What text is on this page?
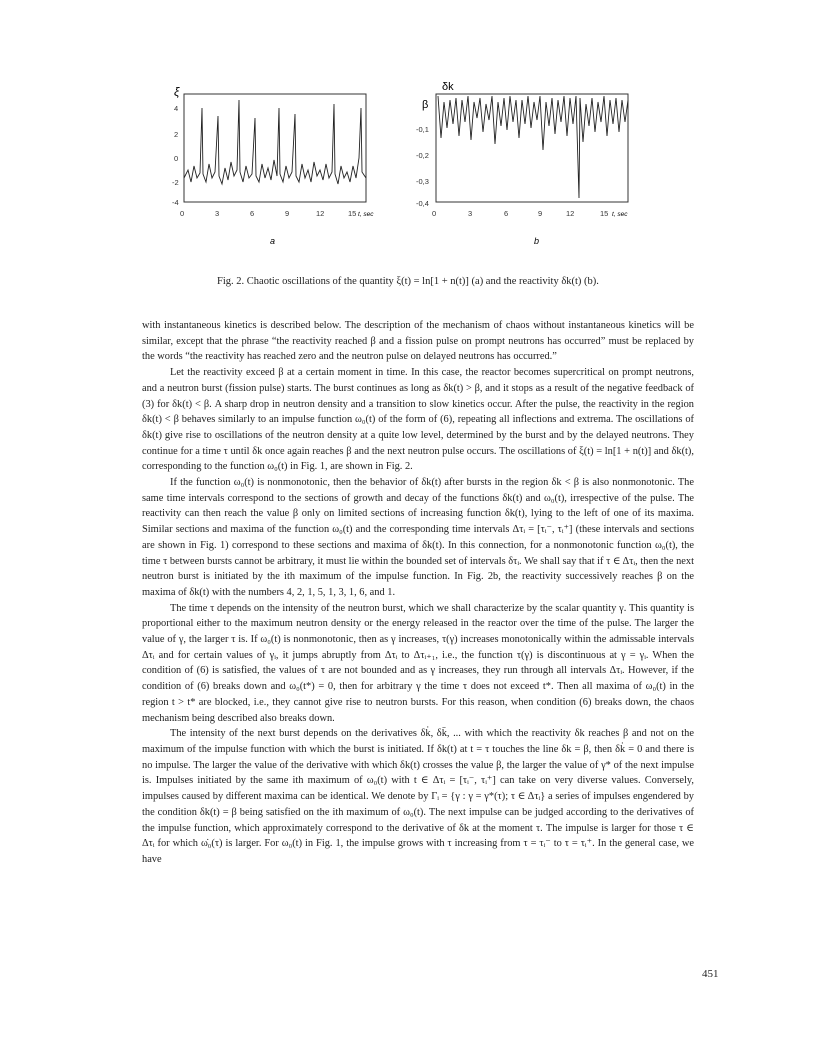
ξ
4
2
0
-2
-4
0	3	6	9	12	15 t, sec
a
δk
β
-0,1
-0,2
-0,3
-0,4
0	3	6	9	12	15 t, sec
b
Fig. 2. Chaotic oscillations of the quantity ξ(t) = ln[1 + n(t)] (a) and the reactivity δk(t) (b).

with instantaneous kinetics is described below. The description of the mechanism of chaos without instantaneous kinetics will be similar, except that the phrase “the reactivity reached β and a fission pulse on prompt neutrons has occurred” must be replaced by the words “the reactivity has reached zero and the neutron pulse on delayed neutrons has occurred.”

Let the reactivity exceed β at a certain moment in time. In this case, the reactor becomes supercritical on prompt neutrons, and a neutron burst (fission pulse) starts. The burst continues as long as δk(t) > β, and it stops as a result of the negative feedback of (3) for δk(t) < β. A sharp drop in neutron density and a transition to slow kinetics occur. After the pulse, the reactivity in the region δk(t) < β behaves similarly to an impulse function ω₀(t) of the form of (6), repeating all inflections and extrema. The oscillations of δk(t) give rise to oscillations of the neutron density at a quite low level, determined by the burst and by the delayed neutrons. They continue for a time τ until δk once again reaches β and the next neutron pulse occurs. The oscillations of ξ(t) = ln[1 + n(t)] and δk(t), corresponding to the function ω₀(t) in Fig. 1, are shown in Fig. 2.

If the function ω₀(t) is nonmonotonic, then the behavior of δk(t) after bursts in the region δk < β is also nonmonotonic. The same time intervals correspond to the sections of growth and decay of the functions δk(t) and ω₀(t), irrespective of the pulse. The reactivity can then reach the value β only on limited sections of increasing function δk(t), lying to the left of one of its maxima. Similar sections and maxima of the function ω₀(t) and the corresponding time intervals Δτᵢ = [τᵢ⁻, τᵢ⁺] (these intervals and sections are shown in Fig. 1) correspond to these sections and maxima of δk(t). In this connection, for a nonmonotonic function ω₀(t), the time τ between bursts cannot be arbitrary, it must lie within the bounded set of intervals δτᵢ. We shall say that if τ ∈ Δτᵢ, then the next neutron burst is initiated by the ith maximum of the impulse function. In Fig. 2b, the reactivity successively reaches β on the maxima of δk(t) with the numbers 4, 2, 1, 5, 1, 3, 1, 6, and 1.

The time τ depends on the intensity of the neutron burst, which we shall characterize by the scalar quantity γ. This quantity is proportional either to the maximum neutron density or the energy released in the reactor over the time of the pulse. The larger the value of γ, the larger τ is. If ω₀(t) is nonmonotonic, then as γ increases, τ(γ) increases monotonically within the admissable intervals Δτᵢ and for certain values of γᵢ, it jumps abruptly from Δτᵢ to Δτᵢ₊₁, i.e., the function τ(γ) is discontinuous at γ = γᵢ. When the condition of (6) is satisfied, the values of τ are not bounded and as γ increases, they run through all intervals Δτᵢ. However, if the condition of (6) breaks down and ω₀(t*) = 0, then for arbitrary γ the time τ does not exceed t*. Then all maxima of ω₀(t) in the region t > t* are blocked, i.e., they cannot give rise to neutron bursts. For this reason, when condition (6) breaks down, the chaos mechanism being described also breaks down.

The intensity of the next burst depends on the derivatives δk̇, δk̈, ... with which the reactivity δk reaches β and not on the maximum of the impulse function with which the burst is initiated. If δk(t) at t = τ touches the line δk = β, then δk̇ = 0 and there is no impulse. The larger the value of the derivative with which δk(t) crosses the value β, the larger the value of γ* of the next impulse is. Impulses initiated by the same ith maximum of ω₀(t) with t ∈ Δτᵢ = [τᵢ⁻, τᵢ⁺] can take on very diverse values. Conversely, impulses caused by different maxima can be identical. We denote by Γᵢ = {γ : γ = γ*(τ); τ ∈ Δτᵢ} a series of impulses engendered by the condition δk(t) = β being satisfied on the ith maximum of ω₀(t). The next impulse can be judged according to the derivatives of the impulse function, which approximately correspond to the derivative of δk at the moment τ. The impulse is larger for those τ ∈ Δτᵢ for which ω̇₀(τ) is larger. For ω₀(t) in Fig. 1, the impulse grows with τ increasing from τ = τᵢ⁻ to τ = τᵢ⁺. In the general case, we have

451
